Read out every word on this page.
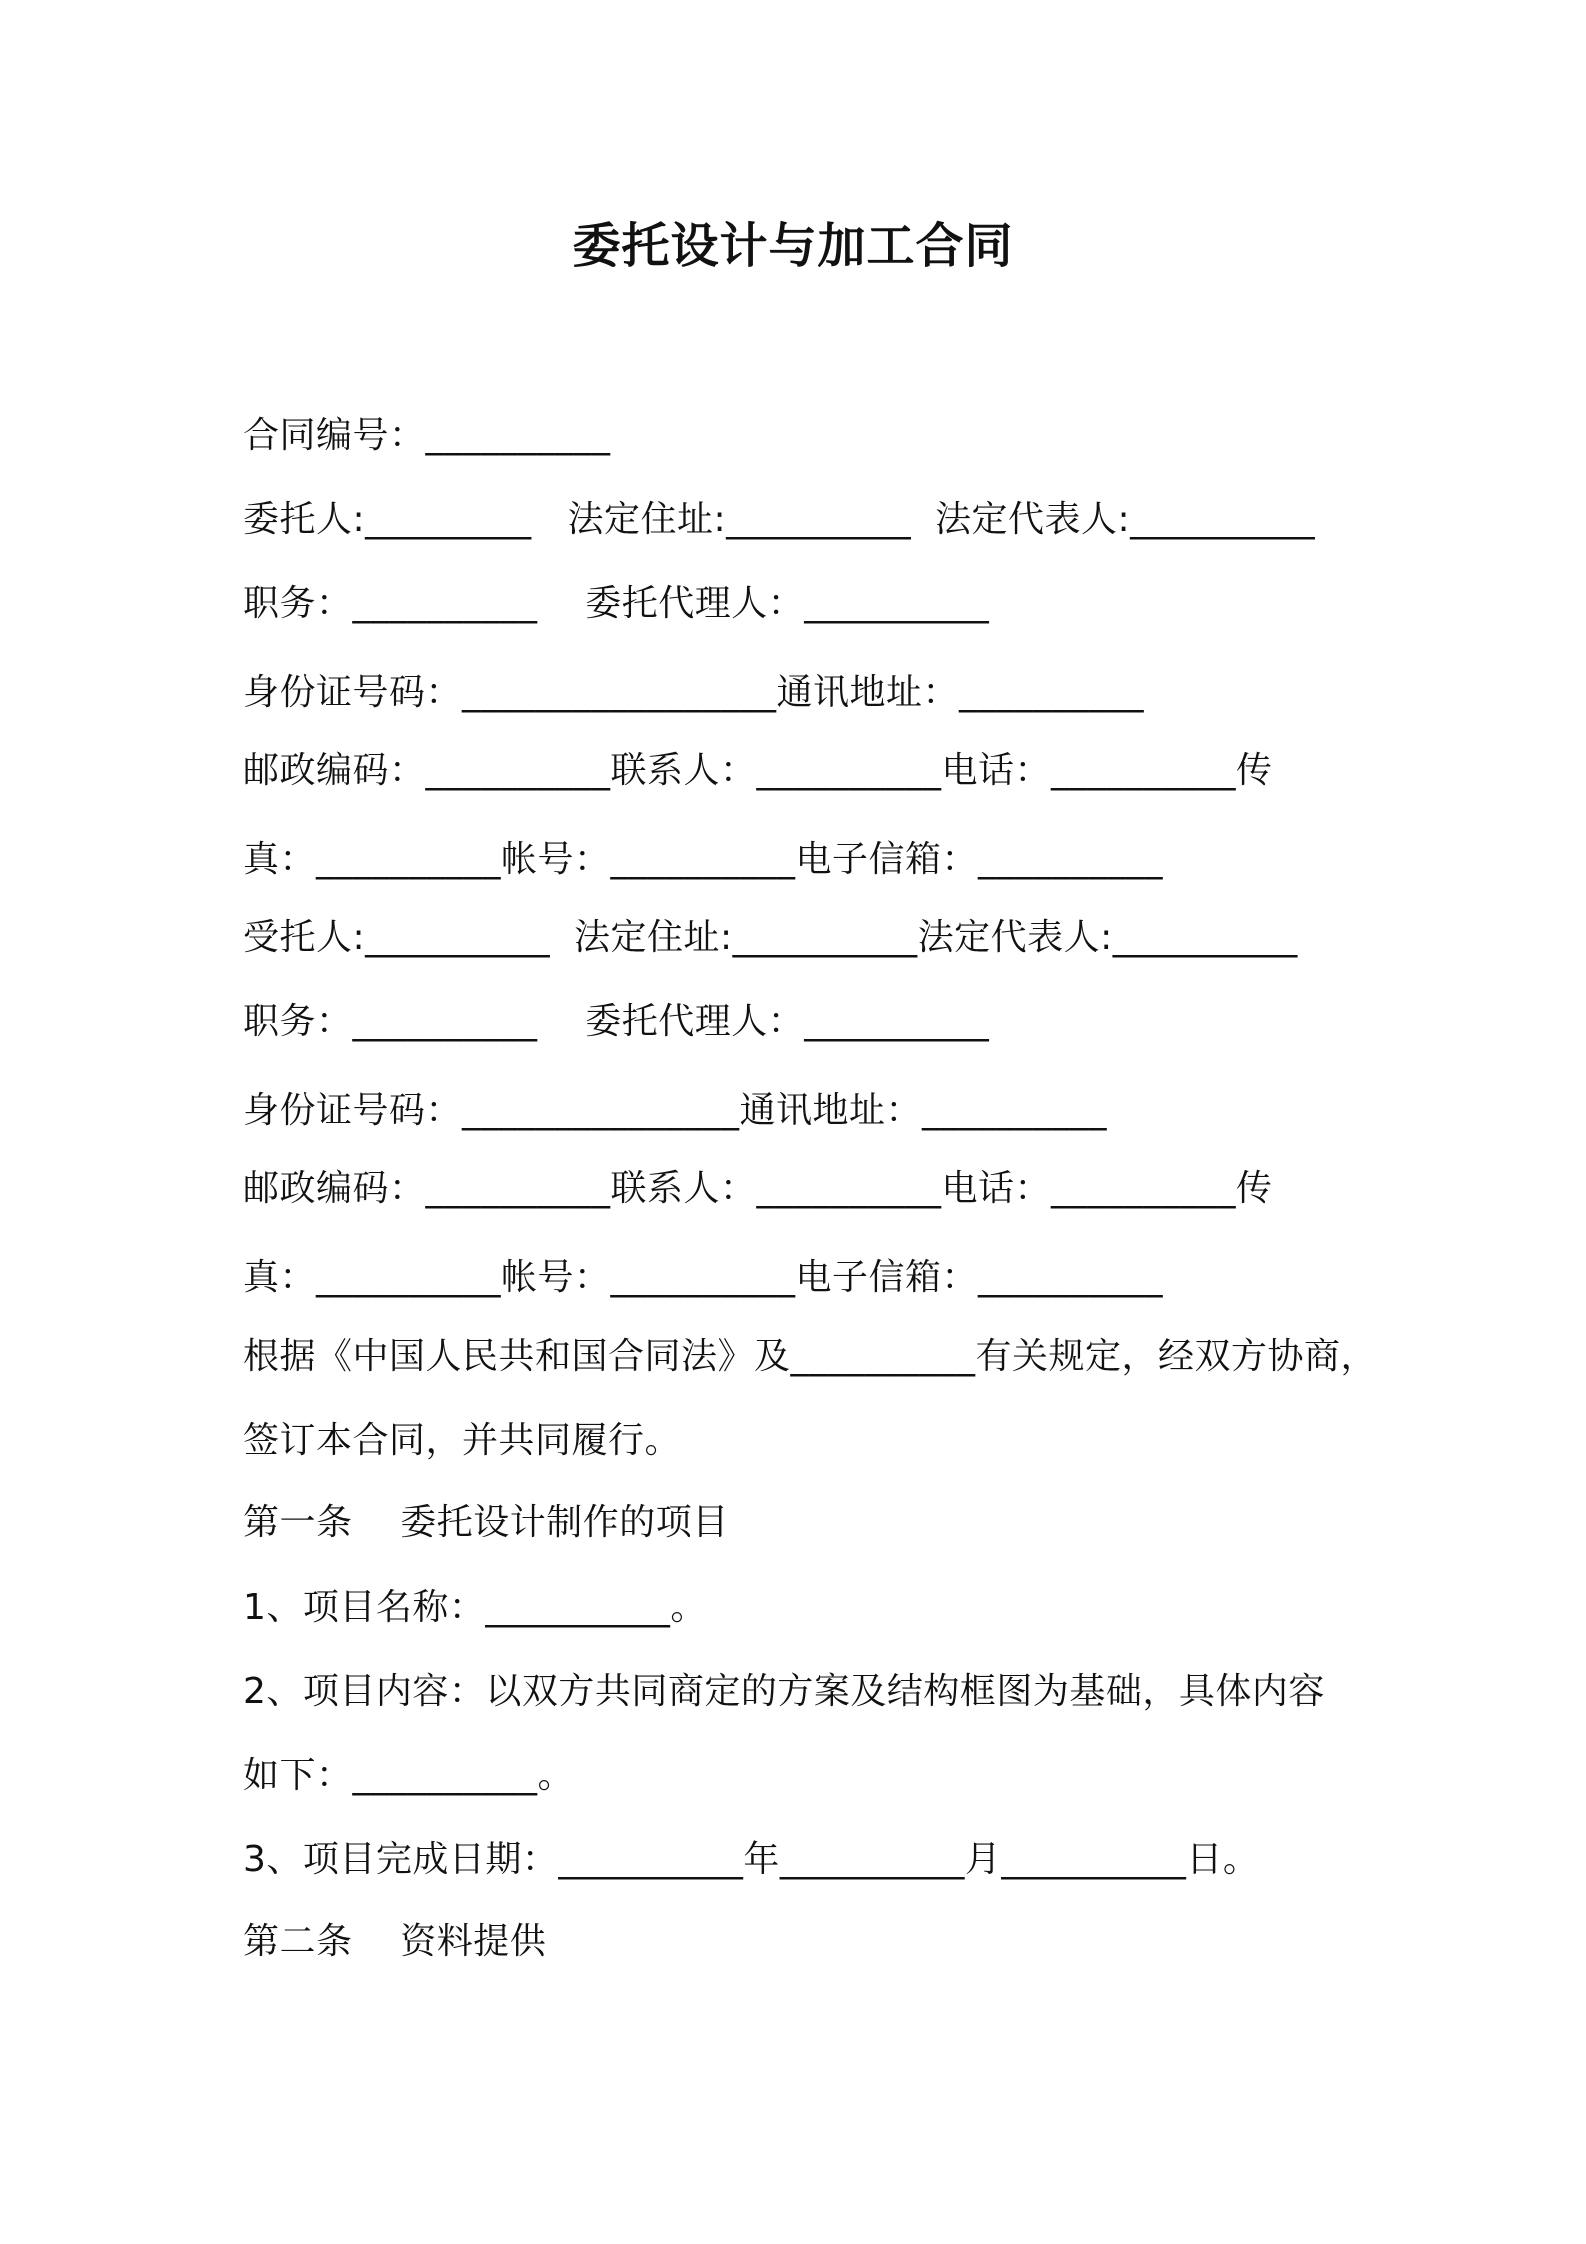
委托设计与加工合同
合同编号：__________
委托人:_________   法定住址:__________  法定代表人:__________
职务：__________    委托代理人：__________
身份证号码：_________________通讯地址：__________
邮政编码：__________联系人：__________电话：__________传
真：__________帐号：__________电子信箱：__________
受托人:__________  法定住址:__________法定代表人:__________
职务：__________    委托代理人：__________
身份证号码：_______________通讯地址：__________
邮政编码：__________联系人：__________电话：__________传
真：__________帐号：__________电子信箱：__________
根据《中国人民共和国合同法》及__________有关规定，经双方协商，
签订本合同，并共同履行。
第一条    委托设计制作的项目
1、项目名称：__________。
2、项目内容：以双方共同商定的方案及结构框图为基础，具体内容
如下：__________。
3、项目完成日期：__________年__________月__________日。
第二条    资料提供
